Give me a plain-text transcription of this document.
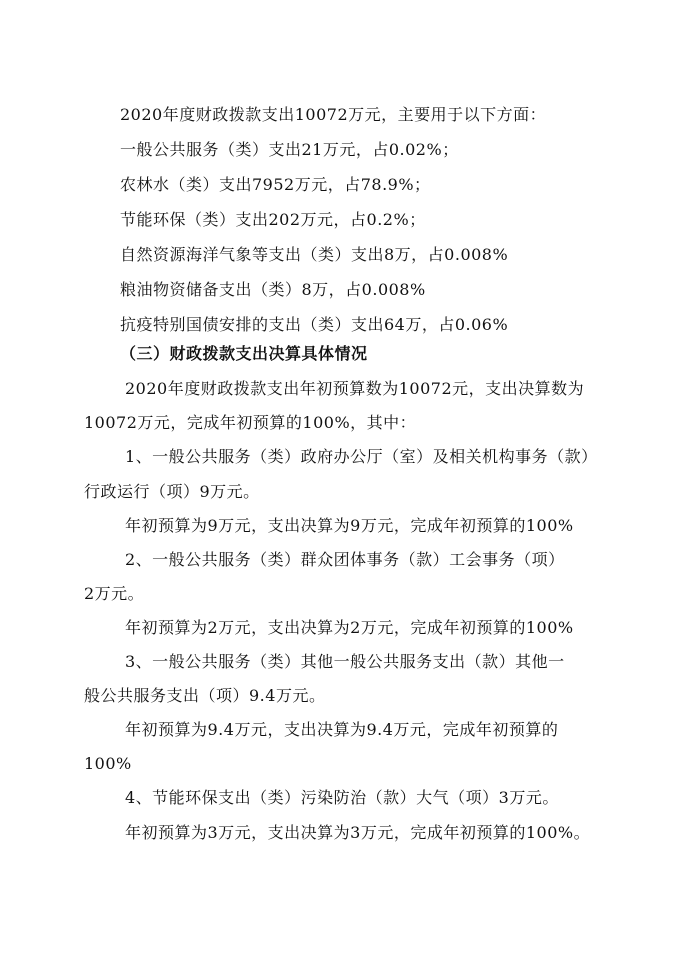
2020年度财政拨款支出10072万元，主要用于以下方面：

一般公共服务（类）支出21万元，占0.02%；

农林水（类）支出7952万元，占78.9%；

节能环保（类）支出202万元，占0.2%；

自然资源海洋气象等支出（类）支出8万，占0.008%

粮油物资储备支出（类）8万，占0.008%

抗疫特别国债安排的支出（类）支出64万，占0.06%

（三）财政拨款支出决算具体情况

2020年度财政拨款支出年初预算数为10072元，支出决算数为

10072万元，完成年初预算的100%，其中：

1、一般公共服务（类）政府办公厅（室）及相关机构事务（款）

行政运行（项）9万元。

年初预算为9万元，支出决算为9万元，完成年初预算的100%

2、一般公共服务（类）群众团体事务（款）工会事务（项）

2万元。

年初预算为2万元，支出决算为2万元，完成年初预算的100%

3、一般公共服务（类）其他一般公共服务支出（款）其他一

般公共服务支出（项）9.4万元。

年初预算为9.4万元，支出决算为9.4万元，完成年初预算的

100%

4、节能环保支出（类）污染防治（款）大气（项）3万元。

年初预算为3万元，支出决算为3万元，完成年初预算的100%。
